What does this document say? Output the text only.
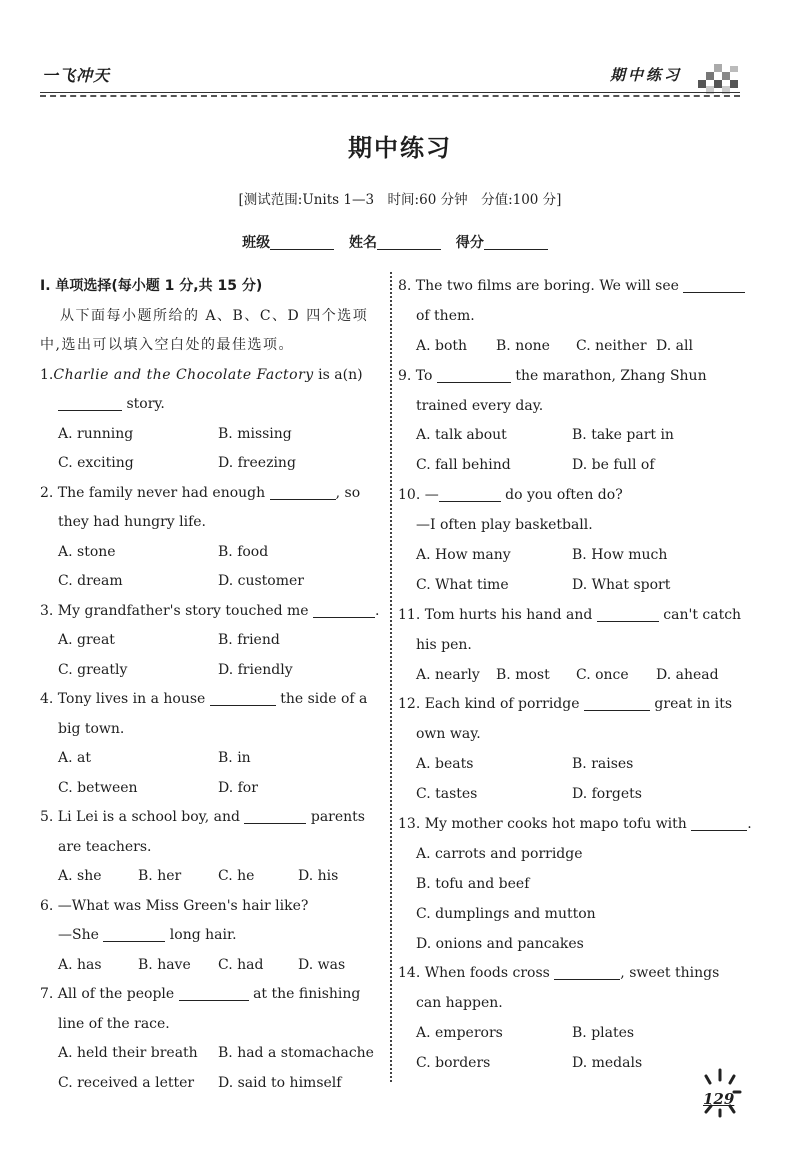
一飞冲天	期中练习
期中练习
[测试范围:Units 1—3　时间:60 分钟　分值:100 分]
班级	姓名	得分
Ⅰ. 单项选择(每小题 1 分,共 15 分)
从下面每小题所给的 A、B、C、D 四个选项
中,选出可以填入空白处的最佳选项。
1.Charlie and the Chocolate Factory is a(n)
story.
A. running	B. missing
C. exciting	D. freezing
2. The family never had enough	, so
they had hungry life.
A. stone	B. food
C. dream	D. customer
3. My grandfather's story touched me	.
A. great	B. friend
C. greatly	D. friendly
4. Tony lives in a house	the side of a
big town.
A. at	B. in
C. between	D. for
5. Li Lei is a school boy, and	parents
are teachers.
A. she	B. her	C. he	D. his
6. —What was Miss Green's hair like?
—She	long hair.
A. has	B. have	C. had	D. was
7. All of the people	at the finishing
line of the race.
A. held their breath	B. had a stomachache
C. received a letter	D. said to himself
8. The two films are boring. We will see
of them.
A. both	B. none	C. neither D. all
9. To	the marathon, Zhang Shun
trained every day.
A. talk about	B. take part in
C. fall behind	D. be full of
10. —	do you often do?
—I often play basketball.
A. How many	B. How much
C. What time	D. What sport
11. Tom hurts his hand and	can't catch
his pen.
A. nearly	B. most	C. once	D. ahead
12. Each kind of porridge	great in its
own way.
A. beats	B. raises
C. tastes	D. forgets
13. My mother cooks hot mapo tofu with	.
A. carrots and porridge
B. tofu and beef
C. dumplings and mutton
D. onions and pancakes
14. When foods cross	, sweet things
can happen.
A. emperors	B. plates
C. borders	D. medals
129
